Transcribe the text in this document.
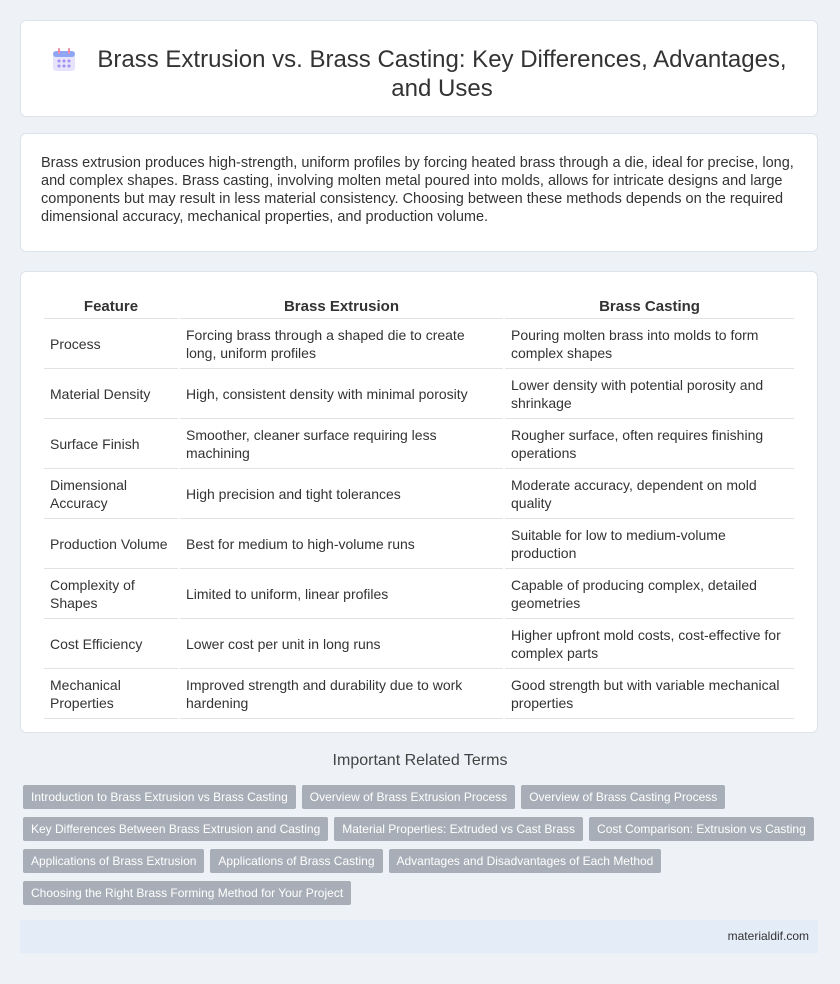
Brass Extrusion vs. Brass Casting: Key Differences, Advantages, and Uses

Brass extrusion produces high-strength, uniform profiles by forcing heated brass through a die, ideal for precise, long, and complex shapes. Brass casting, involving molten metal poured into molds, allows for intricate designs and large components but may result in less material consistency. Choosing between these methods depends on the required dimensional accuracy, mechanical properties, and production volume.

Feature	Brass Extrusion	Brass Casting
Process	Forcing brass through a shaped die to create long, uniform profiles	Pouring molten brass into molds to form complex shapes
Material Density	High, consistent density with minimal porosity	Lower density with potential porosity and shrinkage
Surface Finish	Smoother, cleaner surface requiring less machining	Rougher surface, often requires finishing operations
Dimensional Accuracy	High precision and tight tolerances	Moderate accuracy, dependent on mold quality
Production Volume	Best for medium to high-volume runs	Suitable for low to medium-volume production
Complexity of Shapes	Limited to uniform, linear profiles	Capable of producing complex, detailed geometries
Cost Efficiency	Lower cost per unit in long runs	Higher upfront mold costs, cost-effective for complex parts
Mechanical Properties	Improved strength and durability due to work hardening	Good strength but with variable mechanical properties
Important Related Terms
Introduction to Brass Extrusion vs Brass Casting	Overview of Brass Extrusion Process	Overview of Brass Casting Process
Key Differences Between Brass Extrusion and Casting	Material Properties: Extruded vs Cast Brass	Cost Comparison: Extrusion vs Casting
Applications of Brass Extrusion	Applications of Brass Casting	Advantages and Disadvantages of Each Method
Choosing the Right Brass Forming Method for Your Project
materialdif.com
